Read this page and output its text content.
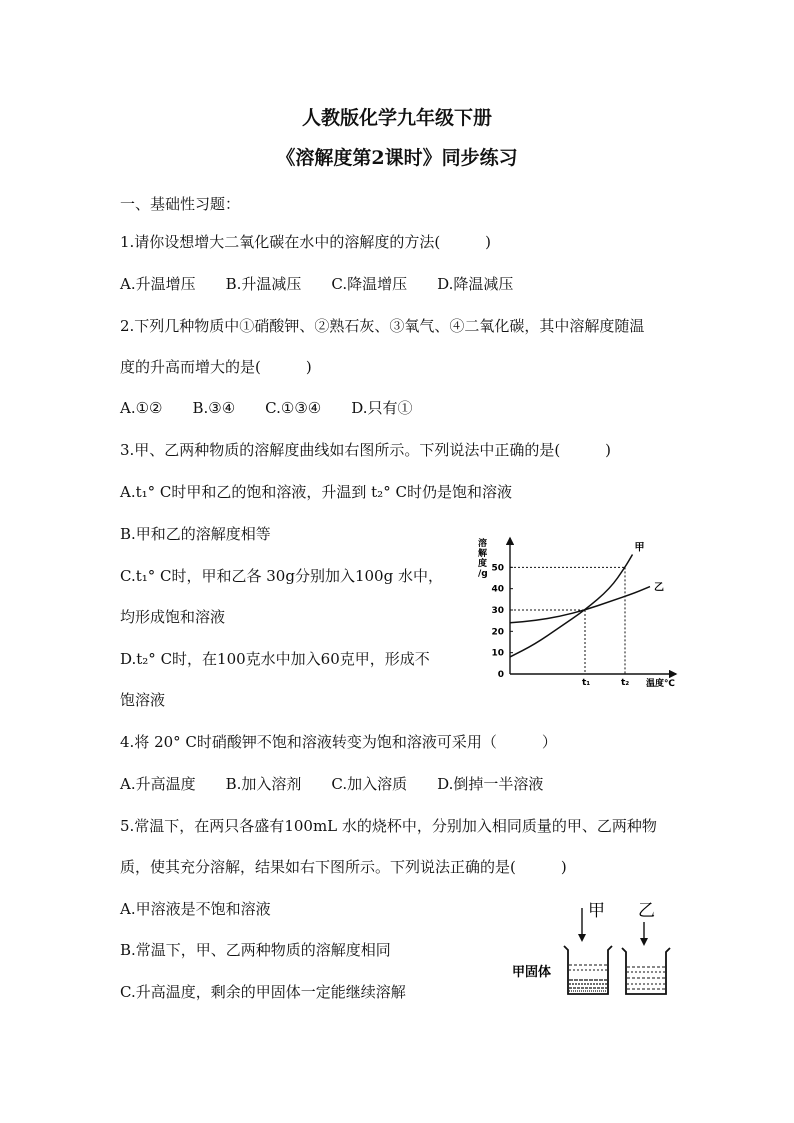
人教版化学九年级下册
《溶解度第2课时》同步练习
一、基础性习题：
1.请你设想增大二氧化碳在水中的溶解度的方法(　　　)
A.升温增压　　B.升温减压　　C.降温增压　　D.降温减压
2.下列几种物质中①硝酸钾、②熟石灰、③氧气、④二氧化碳，其中溶解度随温
度的升高而增大的是(　　　)
A.①②　　B.③④　　C.①③④　　D.只有①
3.甲、乙两种物质的溶解度曲线如右图所示。下列说法中正确的是(　　　)
A.t₁° C时甲和乙的饱和溶液，升温到 t₂° C时仍是饱和溶液
B.甲和乙的溶解度相等
C.t₁° C时，甲和乙各 30g分别加入100g 水中，
均形成饱和溶液
D.t₂° C时，在100克水中加入60克甲，形成不
饱溶液
溶解度/g
50
40
30
20
10
0
t₁	t₂ 温度℃
甲
乙
4.将 20° C时硝酸钾不饱和溶液转变为饱和溶液可采用（　　　）
A.升高温度　　B.加入溶剂　　C.加入溶质　　D.倒掉一半溶液
5.常温下，在两只各盛有100mL 水的烧杯中，分别加入相同质量的甲、乙两种物
质，使其充分溶解，结果如右下图所示。下列说法正确的是(　　　)
A.甲溶液是不饱和溶液
B.常温下，甲、乙两种物质的溶解度相同
C.升高温度，剩余的甲固体一定能继续溶解
甲 乙
甲固体
